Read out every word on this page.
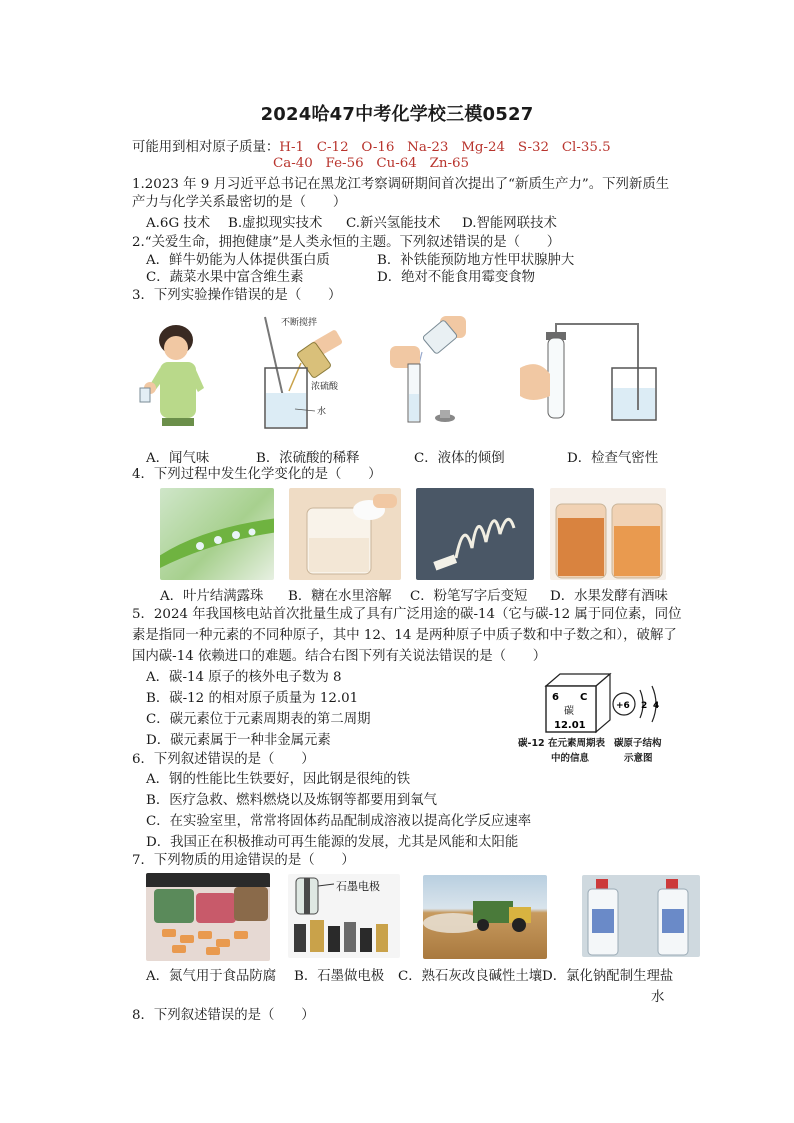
2024哈47中考化学校三模0527
可能用到相对原子质量：H-1   C-12   O-16   Na-23   Mg-24   S-32   Cl-35.5
Ca-40   Fe-56   Cu-64   Zn-65
1.2023 年 9 月习近平总书记在黑龙江考察调研期间首次提出了“新质生产力”。下列新质生
产力与化学关系最密切的是（　　）
A.6G 技术 B.虚拟现实技术 C.新兴氢能技术 D.智能网联技术
2.“关爱生命，拥抱健康”是人类永恒的主题。下列叙述错误的是（　　）
A．鲜牛奶能为人体提供蛋白质	B．补铁能预防地方性甲状腺肿大
C．蔬菜水果中富含维生素	D．绝对不能食用霉变食物
3．下列实验操作错误的是（　　）
不断搅拌
浓硫酸
水
A．闻气味	B．浓硫酸的稀释	C．液体的倾倒	D．检查气密性
4．下列过程中发生化学变化的是（　　）
A．叶片结满露珠 B．糖在水里溶解 C．粉笔写字后变短 D．水果发酵有酒味
5．2024 年我国核电站首次批量生成了具有广泛用途的碳-14（它与碳-12 属于同位素，同位
素是指同一种元素的不同种原子，其中 12、14 是两种原子中质子数和中子数之和），破解了
国内碳-14 依赖进口的难题。结合右图下列有关说法错误的是（　　）
A．碳-14 原子的核外电子数为 8
B．碳-12 的相对原子质量为 12.01
C．碳元素位于元素周期表的第二周期
D．碳元素属于一种非金属元素
6 C
碳
12.01
+6 2 4
碳-12 在元素周期表
中的信息
碳原子结构
示意图
6．下列叙述错误的是（　　）
A．钢的性能比生铁要好，因此钢是很纯的铁
B．医疗急救、燃料燃烧以及炼钢等都要用到氧气
C．在实验室里，常常将固体药品配制成溶液以提高化学反应速率
D．我国正在积极推动可再生能源的发展，尤其是风能和太阳能
7．下列物质的用途错误的是（　　）
石墨电极
A．氮气用于食品防腐 B．石墨做电极 C．熟石灰改良碱性土壤 D．氯化钠配制生理盐
水
8．下列叙述错误的是（　　）
